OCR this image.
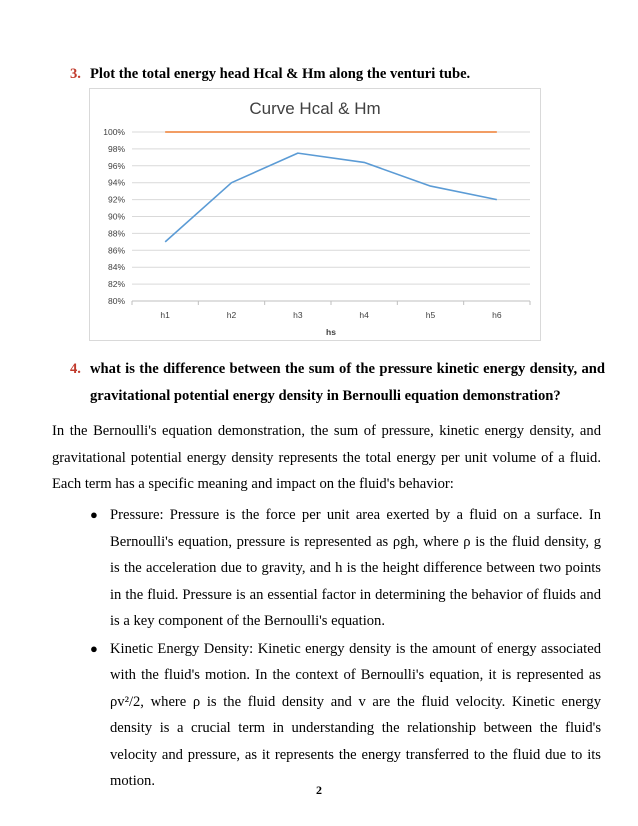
3. Plot the total energy head Hcal & Hm along the venturi tube.
Curve Hcal & Hm
80%
82%
84%
86%
88%
90%
92%
94%
96%
98%
100%
h1	h2	h3	h4	h5	h6
hs
4. what is the difference between the sum of the pressure kinetic energy density, and gravitational potential energy density in Bernoulli equation demonstration?

In the Bernoulli's equation demonstration, the sum of pressure, kinetic energy density, and gravitational potential energy density represents the total energy per unit volume of a fluid. Each term has a specific meaning and impact on the fluid's behavior:

● Pressure: Pressure is the force per unit area exerted by a fluid on a surface. In Bernoulli's equation, pressure is represented as ρgh, where ρ is the fluid density, g is the acceleration due to gravity, and h is the height difference between two points in the fluid. Pressure is an essential factor in determining the behavior of fluids and is a key component of the Bernoulli's equation.
● Kinetic Energy Density: Kinetic energy density is the amount of energy associated with the fluid's motion. In the context of Bernoulli's equation, it is represented as ρv²/2, where ρ is the fluid density and v are the fluid velocity. Kinetic energy density is a crucial term in understanding the relationship between the fluid's velocity and pressure, as it represents the energy transferred to the fluid due to its motion.
2
